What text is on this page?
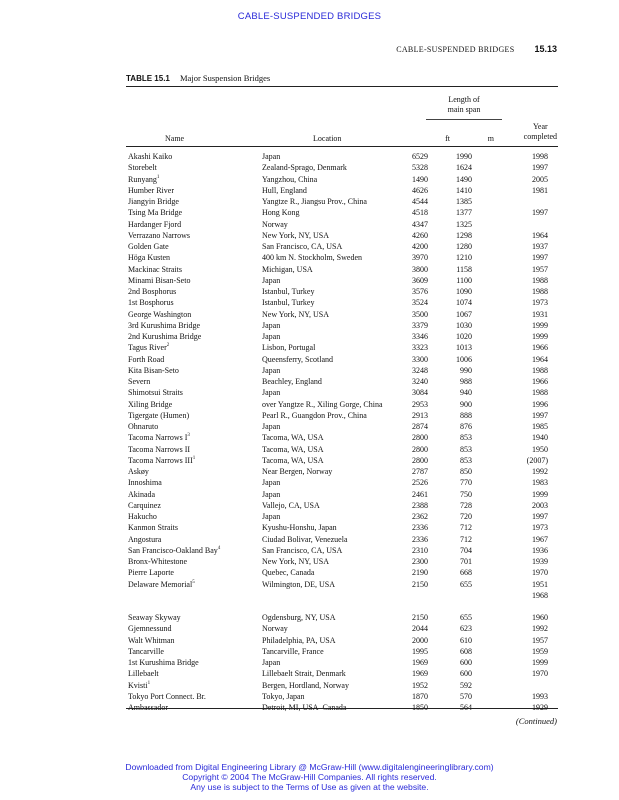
CABLE-SUSPENDED BRIDGES
CABLE-SUSPENDED BRIDGES 15.13
TABLE 15.1 Major Suspension Bridges
Length of
main span
Year
completed
Name	Location	ft	m
Akashi Kaiko	Japan	6529	1990	1998
Storebelt	Zealand-Sprago, Denmark	5328	1624	1997
Runyang$^1$	Yangzhou, China	1490	1490	2005
Humber River	Hull, England	4626	1410	1981
Jiangyin Bridge	Yangtze R., Jiangsu Prov., China	4544	1385
Tsing Ma Bridge	Hong Kong	4518	1377	1997
Hardanger Fjord	Norway	4347	1325
Verrazano Narrows	New York, NY, USA	4260	1298	1964
Golden Gate	San Francisco, CA, USA	4200	1280	1937
Höga Kusten	400 km N. Stockholm, Sweden	3970	1210	1997
Mackinac Straits	Michigan, USA	3800	1158	1957
Minami Bisan-Seto	Japan	3609	1100	1988
2nd Bosphorus	Istanbul, Turkey	3576	1090	1988
1st Bosphorus	Istanbul, Turkey	3524	1074	1973
George Washington	New York, NY, USA	3500	1067	1931
3rd Kurushima Bridge	Japan	3379	1030	1999
2nd Kurushima Bridge	Japan	3346	1020	1999
Tagus River$^2$	Lisbon, Portugal	3323	1013	1966
Forth Road	Queensferry, Scotland	3300	1006	1964
Kita Bisan-Seto	Japan	3248	990	1988
Severn	Beachley, England	3240	988	1966
Shimotsui Straits	Japan	3084	940	1988
Xiling Bridge	over Yangtze R., Xiling Gorge, China	2953	900	1996
Tigergate (Humen)	Pearl R., Guangdon Prov., China	2913	888	1997
Ohnaruto	Japan	2874	876	1985
Tacoma Narrows $I^3$	Tacoma, WA, USA	2800	853	1940
Tacoma Narrows II	Tacoma, WA, USA	2800	853	1950
Tacoma Narrows III$^1$	Tacoma, WA, USA	2800	853	(2007)
Askøy	Near Bergen, Norway	2787	850	1992
Innoshima	Japan	2526	770	1983
Akinada	Japan	2461	750	1999
Carquinez	Vallejo, CA, USA	2388	728	2003
Hakucho	Japan	2362	720	1997
Kanmon Straits	Kyushu-Honshu, Japan	2336	712	1973
Angostura	Ciudad Bolivar, Venezuela	2336	712	1967
San Francisco-Oakland Bay$^4$	San Francisco, CA, USA	2310	704	1936
Bronx-Whitestone	New York, NY, USA	2300	701	1939
Pierre Laporte	Quebec, Canada	2190	668	1970
Delaware Memorial$^5$	Wilmington, DE, USA	2150	655	1951
1968
Seaway Skyway	Ogdensburg, NY, USA	2150	655	1960
Gjemnessund	Norway	2044	623	1992
Walt Whitman	Philadelphia, PA, USA	2000	610	1957
Tancarville	Tancarville, France	1995	608	1959
1st Kurushima Bridge	Japan	1969	600	1999
Lillebaelt	Lillebaelt Strait, Denmark	1969	600	1970
Kvisti$^1$	Bergen, Hordland, Norway	1952	592
Tokyo Port Connect. Br.	Tokyo, Japan	1870	570	1993
Ambassador	Detroit, MI, USA–Canada	1850	564	1929
(Continued)
Downloaded from Digital Engineering Library @ McGraw-Hill (www.digitalengineeringlibrary.com)
Copyright © 2004 The McGraw-Hill Companies. All rights reserved.
Any use is subject to the Terms of Use as given at the website.
